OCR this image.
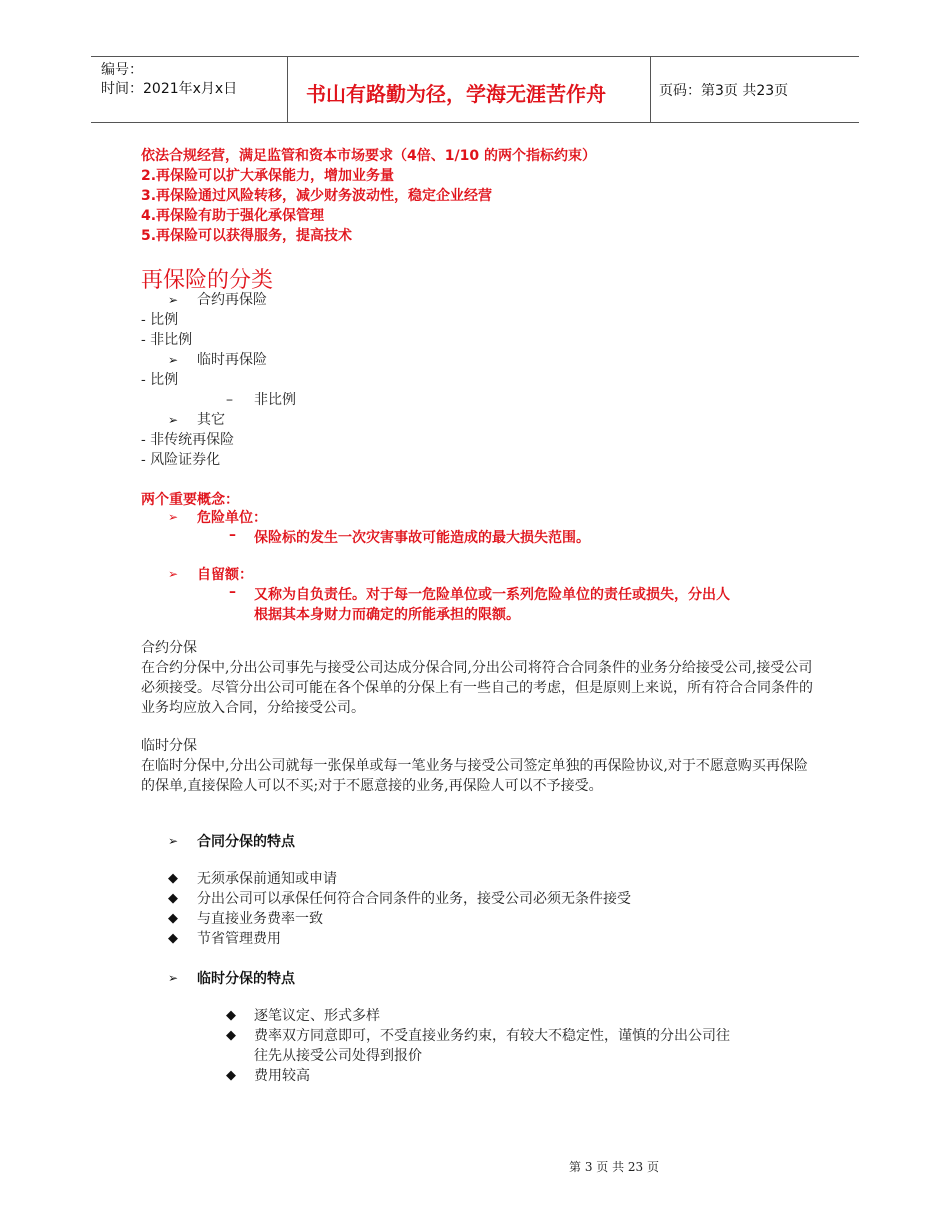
编号：
时间：2021年x月x日	书山有路勤为径，学海无涯苦作舟	页码：第3页 共23页
依法合规经营，满足监管和资本市场要求（4倍、1/10 的两个指标约束）
2.再保险可以扩大承保能力，增加业务量
3.再保险通过风险转移，减少财务波动性，稳定企业经营
4.再保险有助于强化承保管理
5.再保险可以获得服务，提高技术
再保险的分类
➢ 合约再保险
- 比例
- 非比例
➢ 临时再保险
- 比例
– 非比例
➢ 其它
- 非传统再保险
- 风险证券化
两个重要概念：
➢ 危险单位：
– 保险标的发生一次灾害事故可能造成的最大损失范围。
➢ 自留额：
– 又称为自负责任。对于每一危险单位或一系列危险单位的责任或损失，分出人
根据其本身财力而确定的所能承担的限额。
合约分保
在合约分保中,分出公司事先与接受公司达成分保合同,分出公司将符合合同条件的业务分给接受公司,接受公司必须接受。尽管分出公司可能在各个保单的分保上有一些自己的考虑，但是原则上来说，所有符合合同条件的业务均应放入合同，分给接受公司。
临时分保
在临时分保中,分出公司就每一张保单或每一笔业务与接受公司签定单独的再保险协议,对于不愿意购买再保险的保单,直接保险人可以不买;对于不愿意接的业务,再保险人可以不予接受。
➢ 合同分保的特点
◆ 无须承保前通知或申请
◆ 分出公司可以承保任何符合合同条件的业务，接受公司必须无条件接受
◆ 与直接业务费率一致
◆ 节省管理费用
➢ 临时分保的特点
◆ 逐笔议定、形式多样
◆ 费率双方同意即可，不受直接业务约束，有较大不稳定性，谨慎的分出公司往
往先从接受公司处得到报价
◆ 费用较高
第 3 页 共 23 页
